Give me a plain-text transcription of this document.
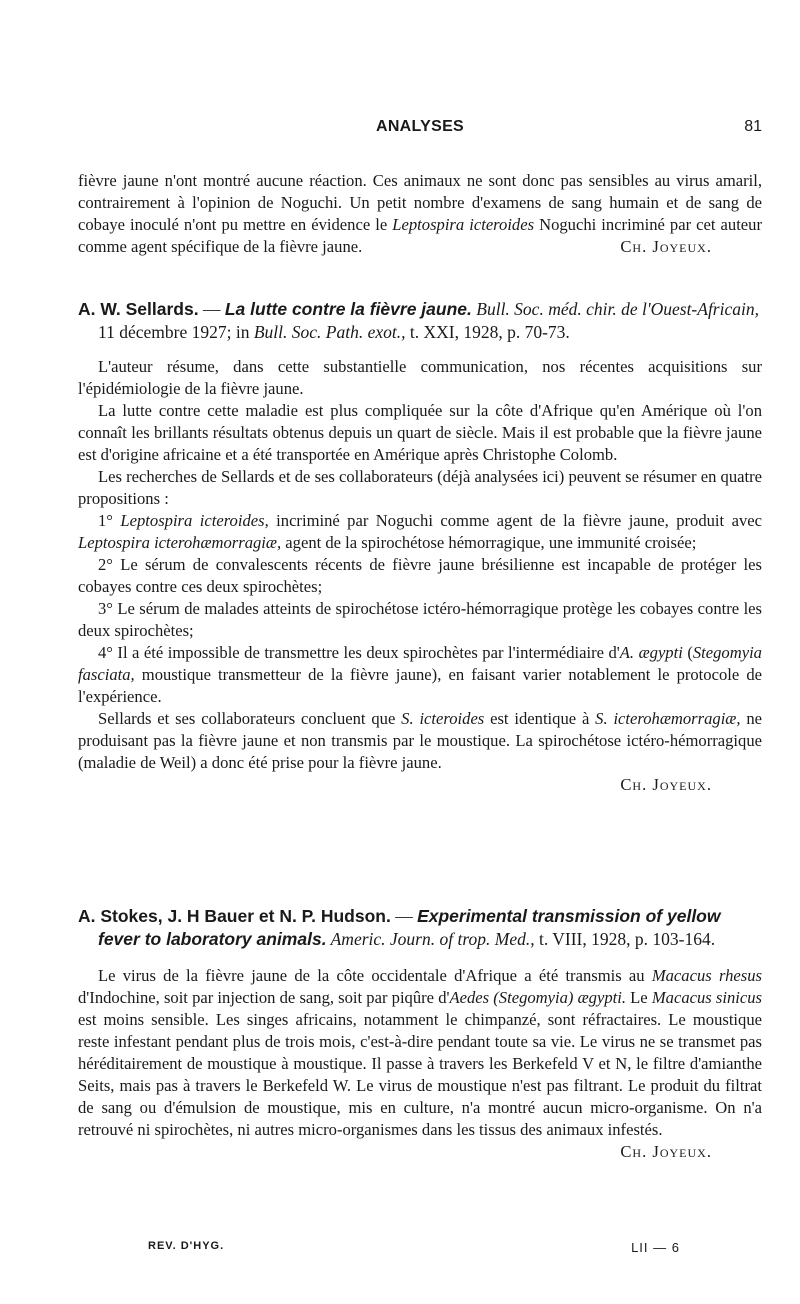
ANALYSES	81

fièvre jaune n'ont montré aucune réaction. Ces animaux ne sont donc pas sensibles au virus amaril, contrairement à l'opinion de Noguchi. Un petit nombre d'examens de sang humain et de sang de cobaye inoculé n'ont pu mettre en évidence le Leptospira icteroides Noguchi incriminé par cet auteur comme agent spécifique de la fièvre jaune.	Ch. Joyeux.

A. W. Sellards. — La lutte contre la fièvre jaune. Bull. Soc. méd. chir. de l'Ouest-Africain, 11 décembre 1927; in Bull. Soc. Path. exot., t. XXI, 1928, p. 70-73.

L'auteur résume, dans cette substantielle communication, nos récentes acquisitions sur l'épidémiologie de la fièvre jaune.

La lutte contre cette maladie est plus compliquée sur la côte d'Afrique qu'en Amérique où l'on connaît les brillants résultats obtenus depuis un quart de siècle. Mais il est probable que la fièvre jaune est d'origine africaine et a été transportée en Amérique après Christophe Colomb.

Les recherches de Sellards et de ses collaborateurs (déjà analysées ici) peuvent se résumer en quatre propositions :

1° Leptospira icteroides, incriminé par Noguchi comme agent de la fièvre jaune, produit avec Leptospira icterohæmorragiæ, agent de la spirochétose hémorragique, une immunité croisée;

2° Le sérum de convalescents récents de fièvre jaune brésilienne est incapable de protéger les cobayes contre ces deux spirochètes;

3° Le sérum de malades atteints de spirochétose ictéro-hémorragique protège les cobayes contre les deux spirochètes;

4° Il a été impossible de transmettre les deux spirochètes par l'intermédiaire d'A. ægypti (Stegomyia fasciata, moustique transmetteur de la fièvre jaune), en faisant varier notablement le protocole de l'expérience.

Sellards et ses collaborateurs concluent que S. icteroides est identique à S. icterohæmorragiæ, ne produisant pas la fièvre jaune et non transmis par le moustique. La spirochétose ictéro-hémorragique (maladie de Weil) a donc été prise pour la fièvre jaune.

Ch. Joyeux.

A. Stokes, J. H Bauer et N. P. Hudson. — Experimental transmission of yellow fever to laboratory animals. Americ. Journ. of trop. Med., t. VIII, 1928, p. 103-164.

Le virus de la fièvre jaune de la côte occidentale d'Afrique a été transmis au Macacus rhesus d'Indochine, soit par injection de sang, soit par piqûre d'Aedes (Stegomyia) ægypti. Le Macacus sinicus est moins sensible. Les singes africains, notamment le chimpanzé, sont réfractaires. Le moustique reste infestant pendant plus de trois mois, c'est-à-dire pendant toute sa vie. Le virus ne se transmet pas héréditairement de moustique à moustique. Il passe à travers les Berkefeld V et N, le filtre d'amianthe Seits, mais pas à travers le Berkefeld W. Le virus de moustique n'est pas filtrant. Le produit du filtrat de sang ou d'émulsion de moustique, mis en culture, n'a montré aucun micro-organisme. On n'a retrouvé ni spirochètes, ni autres micro-organismes dans les tissus des animaux infestés.

Ch. Joyeux.

REV. D'HYG.	LII — 6
